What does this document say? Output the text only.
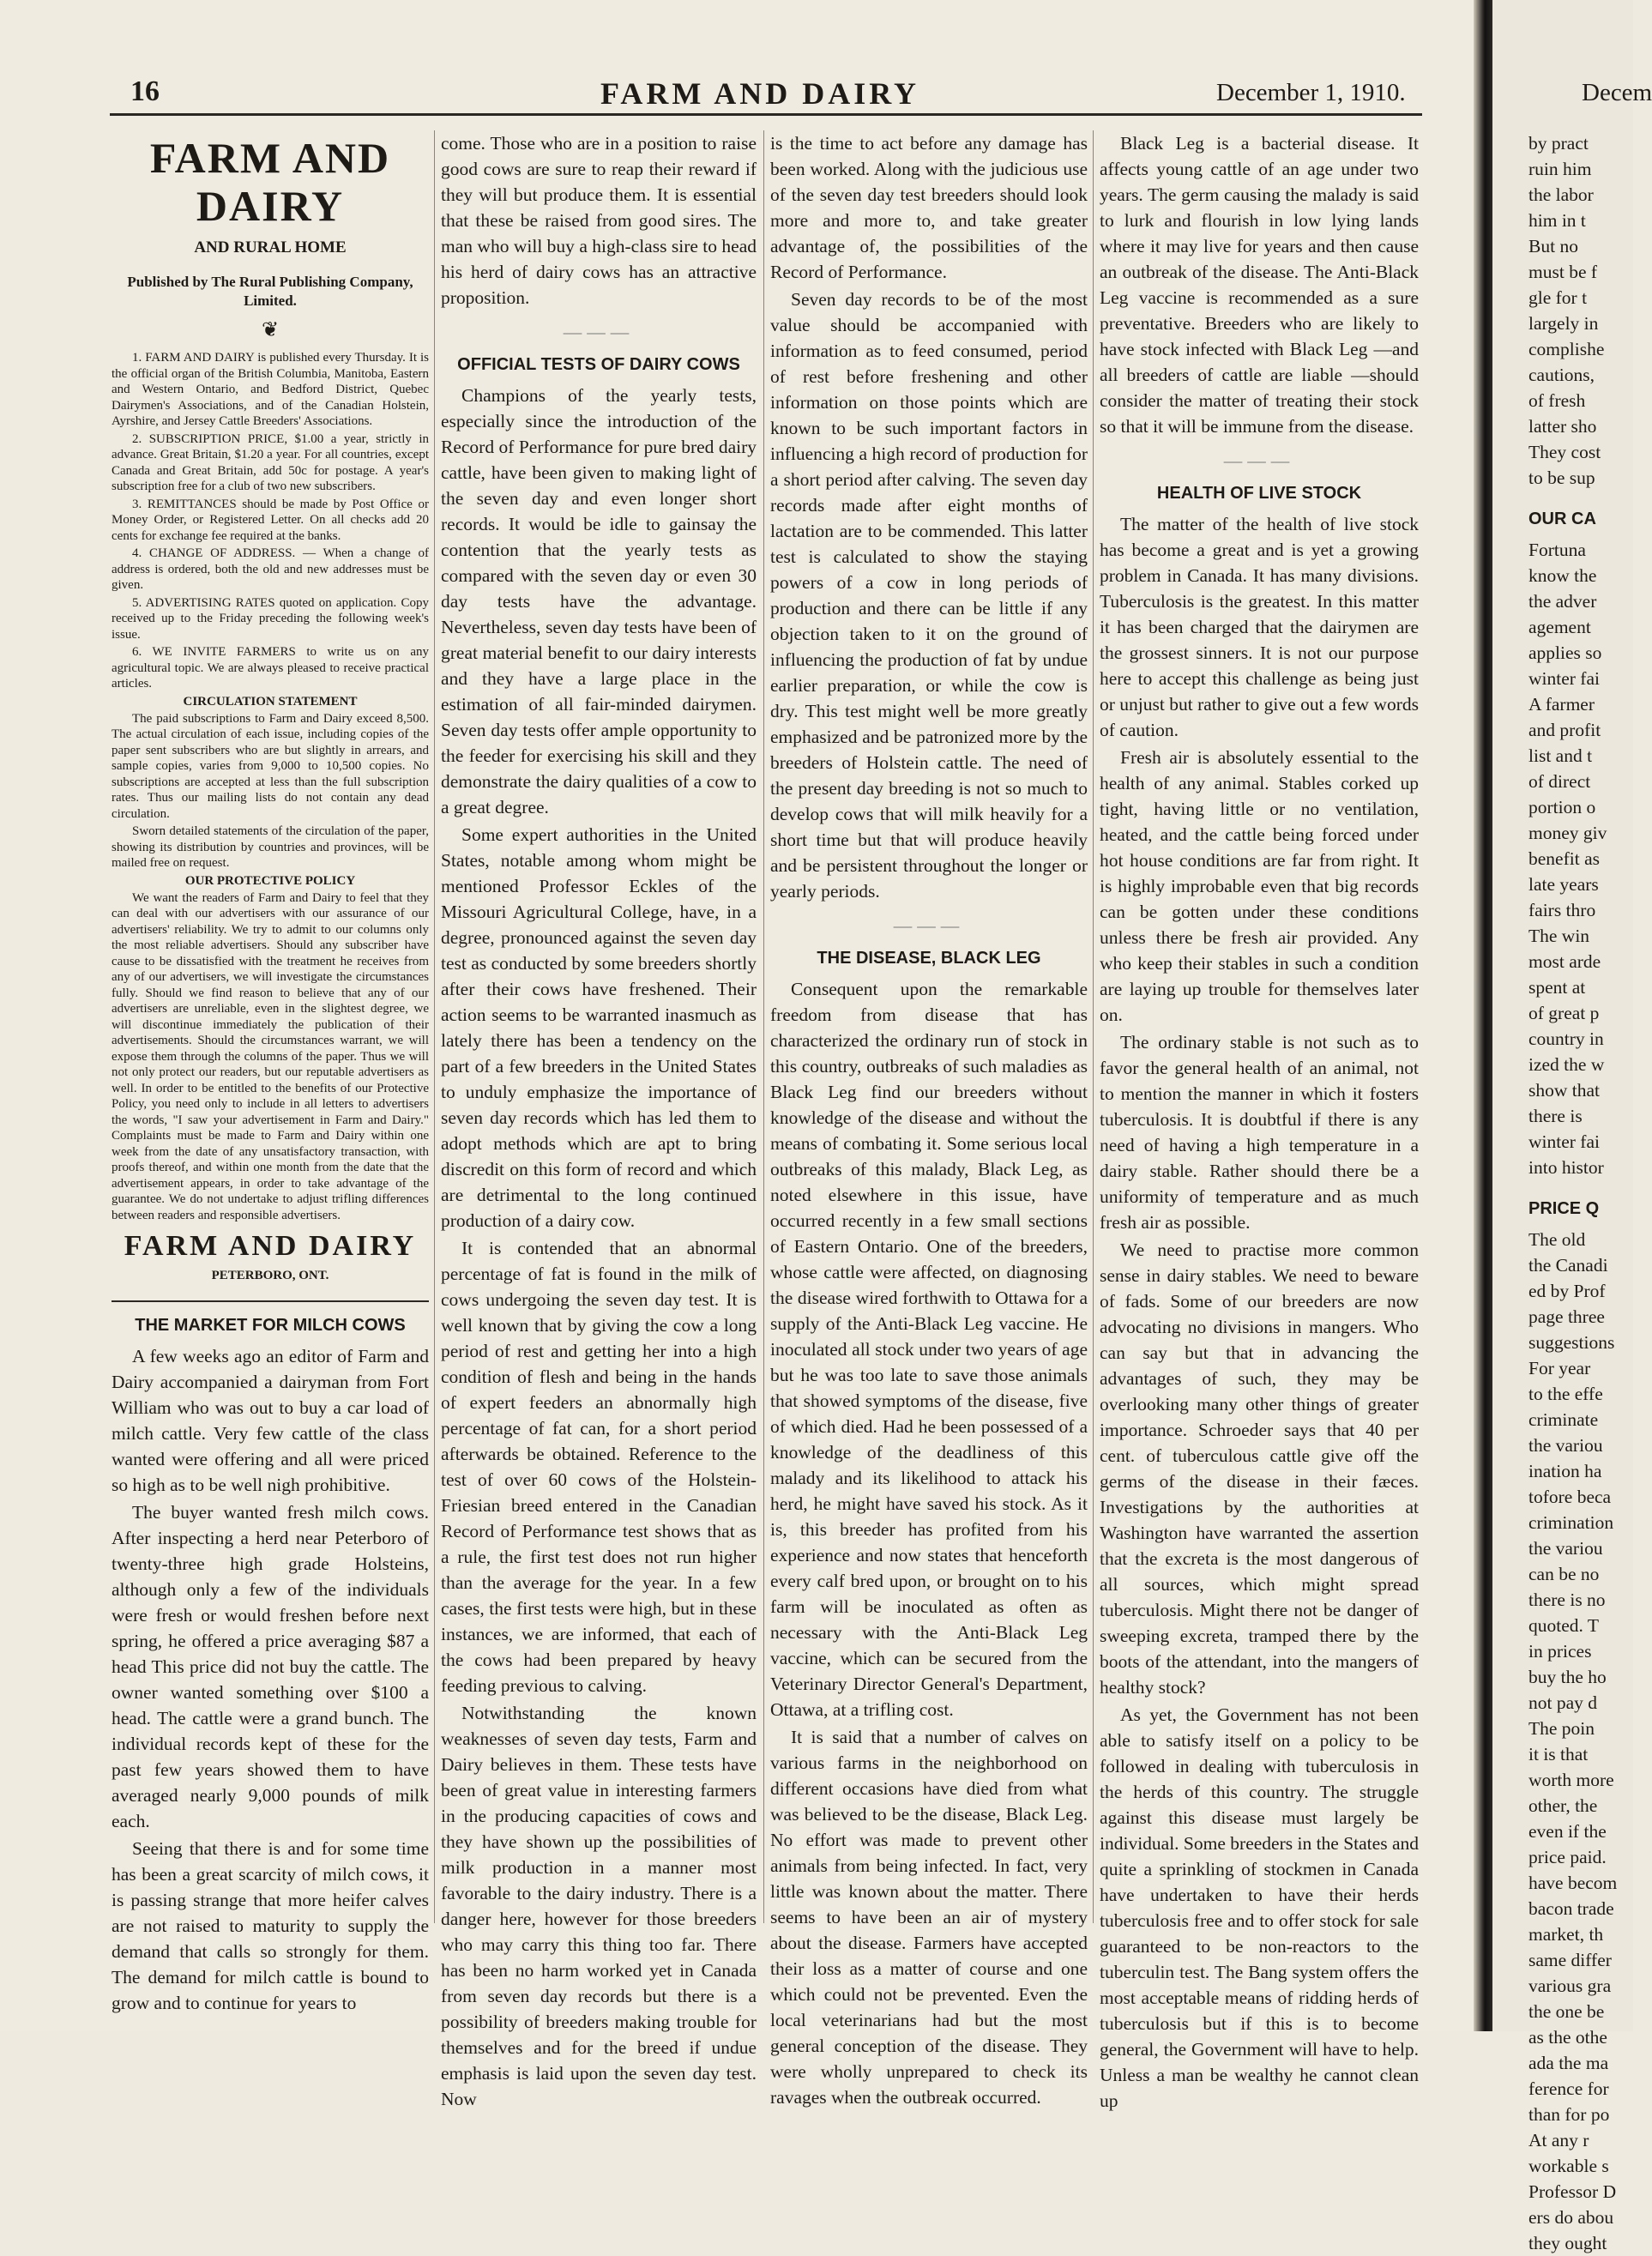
16	FARM AND DAIRY	December 1, 1910.
FARM AND DAIRY
AND RURAL HOME
Published by The Rural Publishing Company, Limited.
❦

1. FARM AND DAIRY is published every Thursday. It is the official organ of the British Columbia, Manitoba, Eastern and Western Ontario, and Bedford District, Quebec Dairymen's Associations, and of the Canadian Holstein, Ayrshire, and Jersey Cattle Breeders' Associations.

2. SUBSCRIPTION PRICE, $1.00 a year, strictly in advance. Great Britain, $1.20 a year. For all countries, except Canada and Great Britain, add 50c for postage. A year's subscription free for a club of two new subscribers.

3. REMITTANCES should be made by Post Office or Money Order, or Registered Letter. On all checks add 20 cents for exchange fee required at the banks.

4. CHANGE OF ADDRESS. — When a change of address is ordered, both the old and new addresses must be given.

5. ADVERTISING RATES quoted on application. Copy received up to the Friday preceding the following week's issue.

6. WE INVITE FARMERS to write us on any agricultural topic. We are always pleased to receive practical articles.

CIRCULATION STATEMENT

The paid subscriptions to Farm and Dairy exceed 8,500. The actual circulation of each issue, including copies of the paper sent subscribers who are but slightly in arrears, and sample copies, varies from 9,000 to 10,500 copies. No subscriptions are accepted at less than the full subscription rates. Thus our mailing lists do not contain any dead circulation.

Sworn detailed statements of the circulation of the paper, showing its distribution by countries and provinces, will be mailed free on request.

OUR PROTECTIVE POLICY

We want the readers of Farm and Dairy to feel that they can deal with our advertisers with our assurance of our advertisers' reliability. We try to admit to our columns only the most reliable advertisers. Should any subscriber have cause to be dissatisfied with the treatment he receives from any of our advertisers, we will investigate the circumstances fully. Should we find reason to believe that any of our advertisers are unreliable, even in the slightest degree, we will discontinue immediately the publication of their advertisements. Should the circumstances warrant, we will expose them through the columns of the paper. Thus we will not only protect our readers, but our reputable advertisers as well. In order to be entitled to the benefits of our Protective Policy, you need only to include in all letters to advertisers the words, "I saw your advertisement in Farm and Dairy." Complaints must be made to Farm and Dairy within one week from the date of any unsatisfactory transaction, with proofs thereof, and within one month from the date that the advertisement appears, in order to take advantage of the guarantee. We do not undertake to adjust trifling differences between readers and responsible advertisers.

FARM AND DAIRY
PETERBORO, ONT.
THE MARKET FOR MILCH COWS

A few weeks ago an editor of Farm and Dairy accompanied a dairyman from Fort William who was out to buy a car load of milch cattle. Very few cattle of the class wanted were offering and all were priced so high as to be well nigh prohibitive.

The buyer wanted fresh milch cows. After inspecting a herd near Peterboro of twenty-three high grade Holsteins, although only a few of the individuals were fresh or would freshen before next spring, he offered a price averaging $87 a head This price did not buy the cattle. The owner wanted something over $100 a head. The cattle were a grand bunch. The individual records kept of these for the past few years showed them to have averaged nearly 9,000 pounds of milk each.

Seeing that there is and for some time has been a great scarcity of milch cows, it is passing strange that more heifer calves are not raised to maturity to supply the demand that calls so strongly for them. The demand for milch cattle is bound to grow and to continue for years to

come. Those who are in a position to raise good cows are sure to reap their reward if they will but produce them. It is essential that these be raised from good sires. The man who will buy a high-class sire to head his herd of dairy cows has an attractive proposition.

———
OFFICIAL TESTS OF DAIRY COWS

Champions of the yearly tests, especially since the introduction of the Record of Performance for pure bred dairy cattle, have been given to making light of the seven day and even longer short records. It would be idle to gainsay the contention that the yearly tests as compared with the seven day or even 30 day tests have the advantage. Nevertheless, seven day tests have been of great material benefit to our dairy interests and they have a large place in the estimation of all fair-minded dairymen. Seven day tests offer ample opportunity to the feeder for exercising his skill and they demonstrate the dairy qualities of a cow to a great degree.

Some expert authorities in the United States, notable among whom might be mentioned Professor Eckles of the Missouri Agricultural College, have, in a degree, pronounced against the seven day test as conducted by some breeders shortly after their cows have freshened. Their action seems to be warranted inasmuch as lately there has been a tendency on the part of a few breeders in the United States to unduly emphasize the importance of seven day records which has led them to adopt methods which are apt to bring discredit on this form of record and which are detrimental to the long continued production of a dairy cow.

It is contended that an abnormal percentage of fat is found in the milk of cows undergoing the seven day test. It is well known that by giving the cow a long period of rest and getting her into a high condition of flesh and being in the hands of expert feeders an abnormally high percentage of fat can, for a short period afterwards be obtained. Reference to the test of over 60 cows of the Holstein-Friesian breed entered in the Canadian Record of Performance test shows that as a rule, the first test does not run higher than the average for the year. In a few cases, the first tests were high, but in these instances, we are informed, that each of the cows had been prepared by heavy feeding previous to calving.

Notwithstanding the known weaknesses of seven day tests, Farm and Dairy believes in them. These tests have been of great value in interesting farmers in the producing capacities of cows and they have shown up the possibilities of milk production in a manner most favorable to the dairy industry. There is a danger here, however for those breeders who may carry this thing too far. There has been no harm worked yet in Canada from seven day records but there is a possibility of breeders making trouble for themselves and for the breed if undue emphasis is laid upon the seven day test. Now

is the time to act before any damage has been worked. Along with the judicious use of the seven day test breeders should look more and more to, and take greater advantage of, the possibilities of the Record of Performance.

Seven day records to be of the most value should be accompanied with information as to feed consumed, period of rest before freshening and other information on those points which are known to be such important factors in influencing a high record of production for a short period after calving. The seven day records made after eight months of lactation are to be commended. This latter test is calculated to show the staying powers of a cow in long periods of production and there can be little if any objection taken to it on the ground of influencing the production of fat by undue earlier preparation, or while the cow is dry. This test might well be more greatly emphasized and be patronized more by the breeders of Holstein cattle. The need of the present day breeding is not so much to develop cows that will milk heavily for a short time but that will produce heavily and be persistent throughout the longer or yearly periods.

———
THE DISEASE, BLACK LEG

Consequent upon the remarkable freedom from disease that has characterized the ordinary run of stock in this country, outbreaks of such maladies as Black Leg find our breeders without knowledge of the disease and without the means of combating it. Some serious local outbreaks of this malady, Black Leg, as noted elsewhere in this issue, have occurred recently in a few small sections of Eastern Ontario. One of the breeders, whose cattle were affected, on diagnosing the disease wired forthwith to Ottawa for a supply of the Anti-Black Leg vaccine. He inoculated all stock under two years of age but he was too late to save those animals that showed symptoms of the disease, five of which died. Had he been possessed of a knowledge of the deadliness of this malady and its likelihood to attack his herd, he might have saved his stock. As it is, this breeder has profited from his experience and now states that henceforth every calf bred upon, or brought on to his farm will be inoculated as often as necessary with the Anti-Black Leg vaccine, which can be secured from the Veterinary Director General's Department, Ottawa, at a trifling cost.

It is said that a number of calves on various farms in the neighborhood on different occasions have died from what was believed to be the disease, Black Leg. No effort was made to prevent other animals from being infected. In fact, very little was known about the matter. There seems to have been an air of mystery about the disease. Farmers have accepted their loss as a matter of course and one which could not be prevented. Even the local veterinarians had but the most general conception of the disease. They were wholly unprepared to check its ravages when the outbreak occurred.

Black Leg is a bacterial disease. It affects young cattle of an age under two years. The germ causing the malady is said to lurk and flourish in low lying lands where it may live for years and then cause an outbreak of the disease. The Anti-Black Leg vaccine is recommended as a sure preventative. Breeders who are likely to have stock infected with Black Leg —and all breeders of cattle are liable —should consider the matter of treating their stock so that it will be immune from the disease.

———
HEALTH OF LIVE STOCK

The matter of the health of live stock has become a great and is yet a growing problem in Canada. It has many divisions. Tuberculosis is the greatest. In this matter it has been charged that the dairymen are the grossest sinners. It is not our purpose here to accept this challenge as being just or unjust but rather to give out a few words of caution.

Fresh air is absolutely essential to the health of any animal. Stables corked up tight, having little or no ventilation, heated, and the cattle being forced under hot house conditions are far from right. It is highly improbable even that big records can be gotten under these conditions unless there be fresh air provided. Any who keep their stables in such a condition are laying up trouble for themselves later on.

The ordinary stable is not such as to favor the general health of an animal, not to mention the manner in which it fosters tuberculosis. It is doubtful if there is any need of having a high temperature in a dairy stable. Rather should there be a uniformity of temperature and as much fresh air as possible.

We need to practise more common sense in dairy stables. We need to beware of fads. Some of our breeders are now advocating no divisions in mangers. Who can say but that in advancing the advantages of such, they may be overlooking many other things of greater importance. Schroeder says that 40 per cent. of tuberculous cattle give off the germs of the disease in their fæces. Investigations by the authorities at Washington have warranted the assertion that the excreta is the most dangerous of all sources, which might spread tuberculosis. Might there not be danger of sweeping excreta, tramped there by the boots of the attendant, into the mangers of healthy stock?

As yet, the Government has not been able to satisfy itself on a policy to be followed in dealing with tuberculosis in the herds of this country. The struggle against this disease must largely be individual. Some breeders in the States and quite a sprinkling of stockmen in Canada have undertaken to have their herds tuberculosis free and to offer stock for sale guaranteed to be non-reactors to the tuberculin test. The Bang system offers the most acceptable means of ridding herds of tuberculosis but if this is to become general, the Government will have to help. Unless a man be wealthy he cannot clean up

Decem
by pract
ruin him
the labor
him in t
But no
must be f
gle for t
largely in
complishe
cautions,
of fresh
latter sho
They cost
to be sup
OUR CA
Fortuna
know the
the adver
agement
applies so
winter fai
A farmer
and profit
list and t
of direct
portion o
money giv
benefit as
late years
fairs thro
The win
most arde
spent at
of great p
country in
ized the w
show that
there is
winter fai
into histor
PRICE Q
The old
the Canadi
ed by Prof
page three
suggestions
For year
to the effe
criminate
the variou
ination ha
tofore beca
crimination
the variou
can be no
there is no
quoted. T
in prices
buy the ho
not pay d
The poin
it is that
worth more
other, the
even if the
price paid.
have becom
bacon trade
market, th
same differ
various gra
the one be
as the othe
ada the ma
ference for
than for po
At any r
workable s
Professor D
ers do abou
they ought
